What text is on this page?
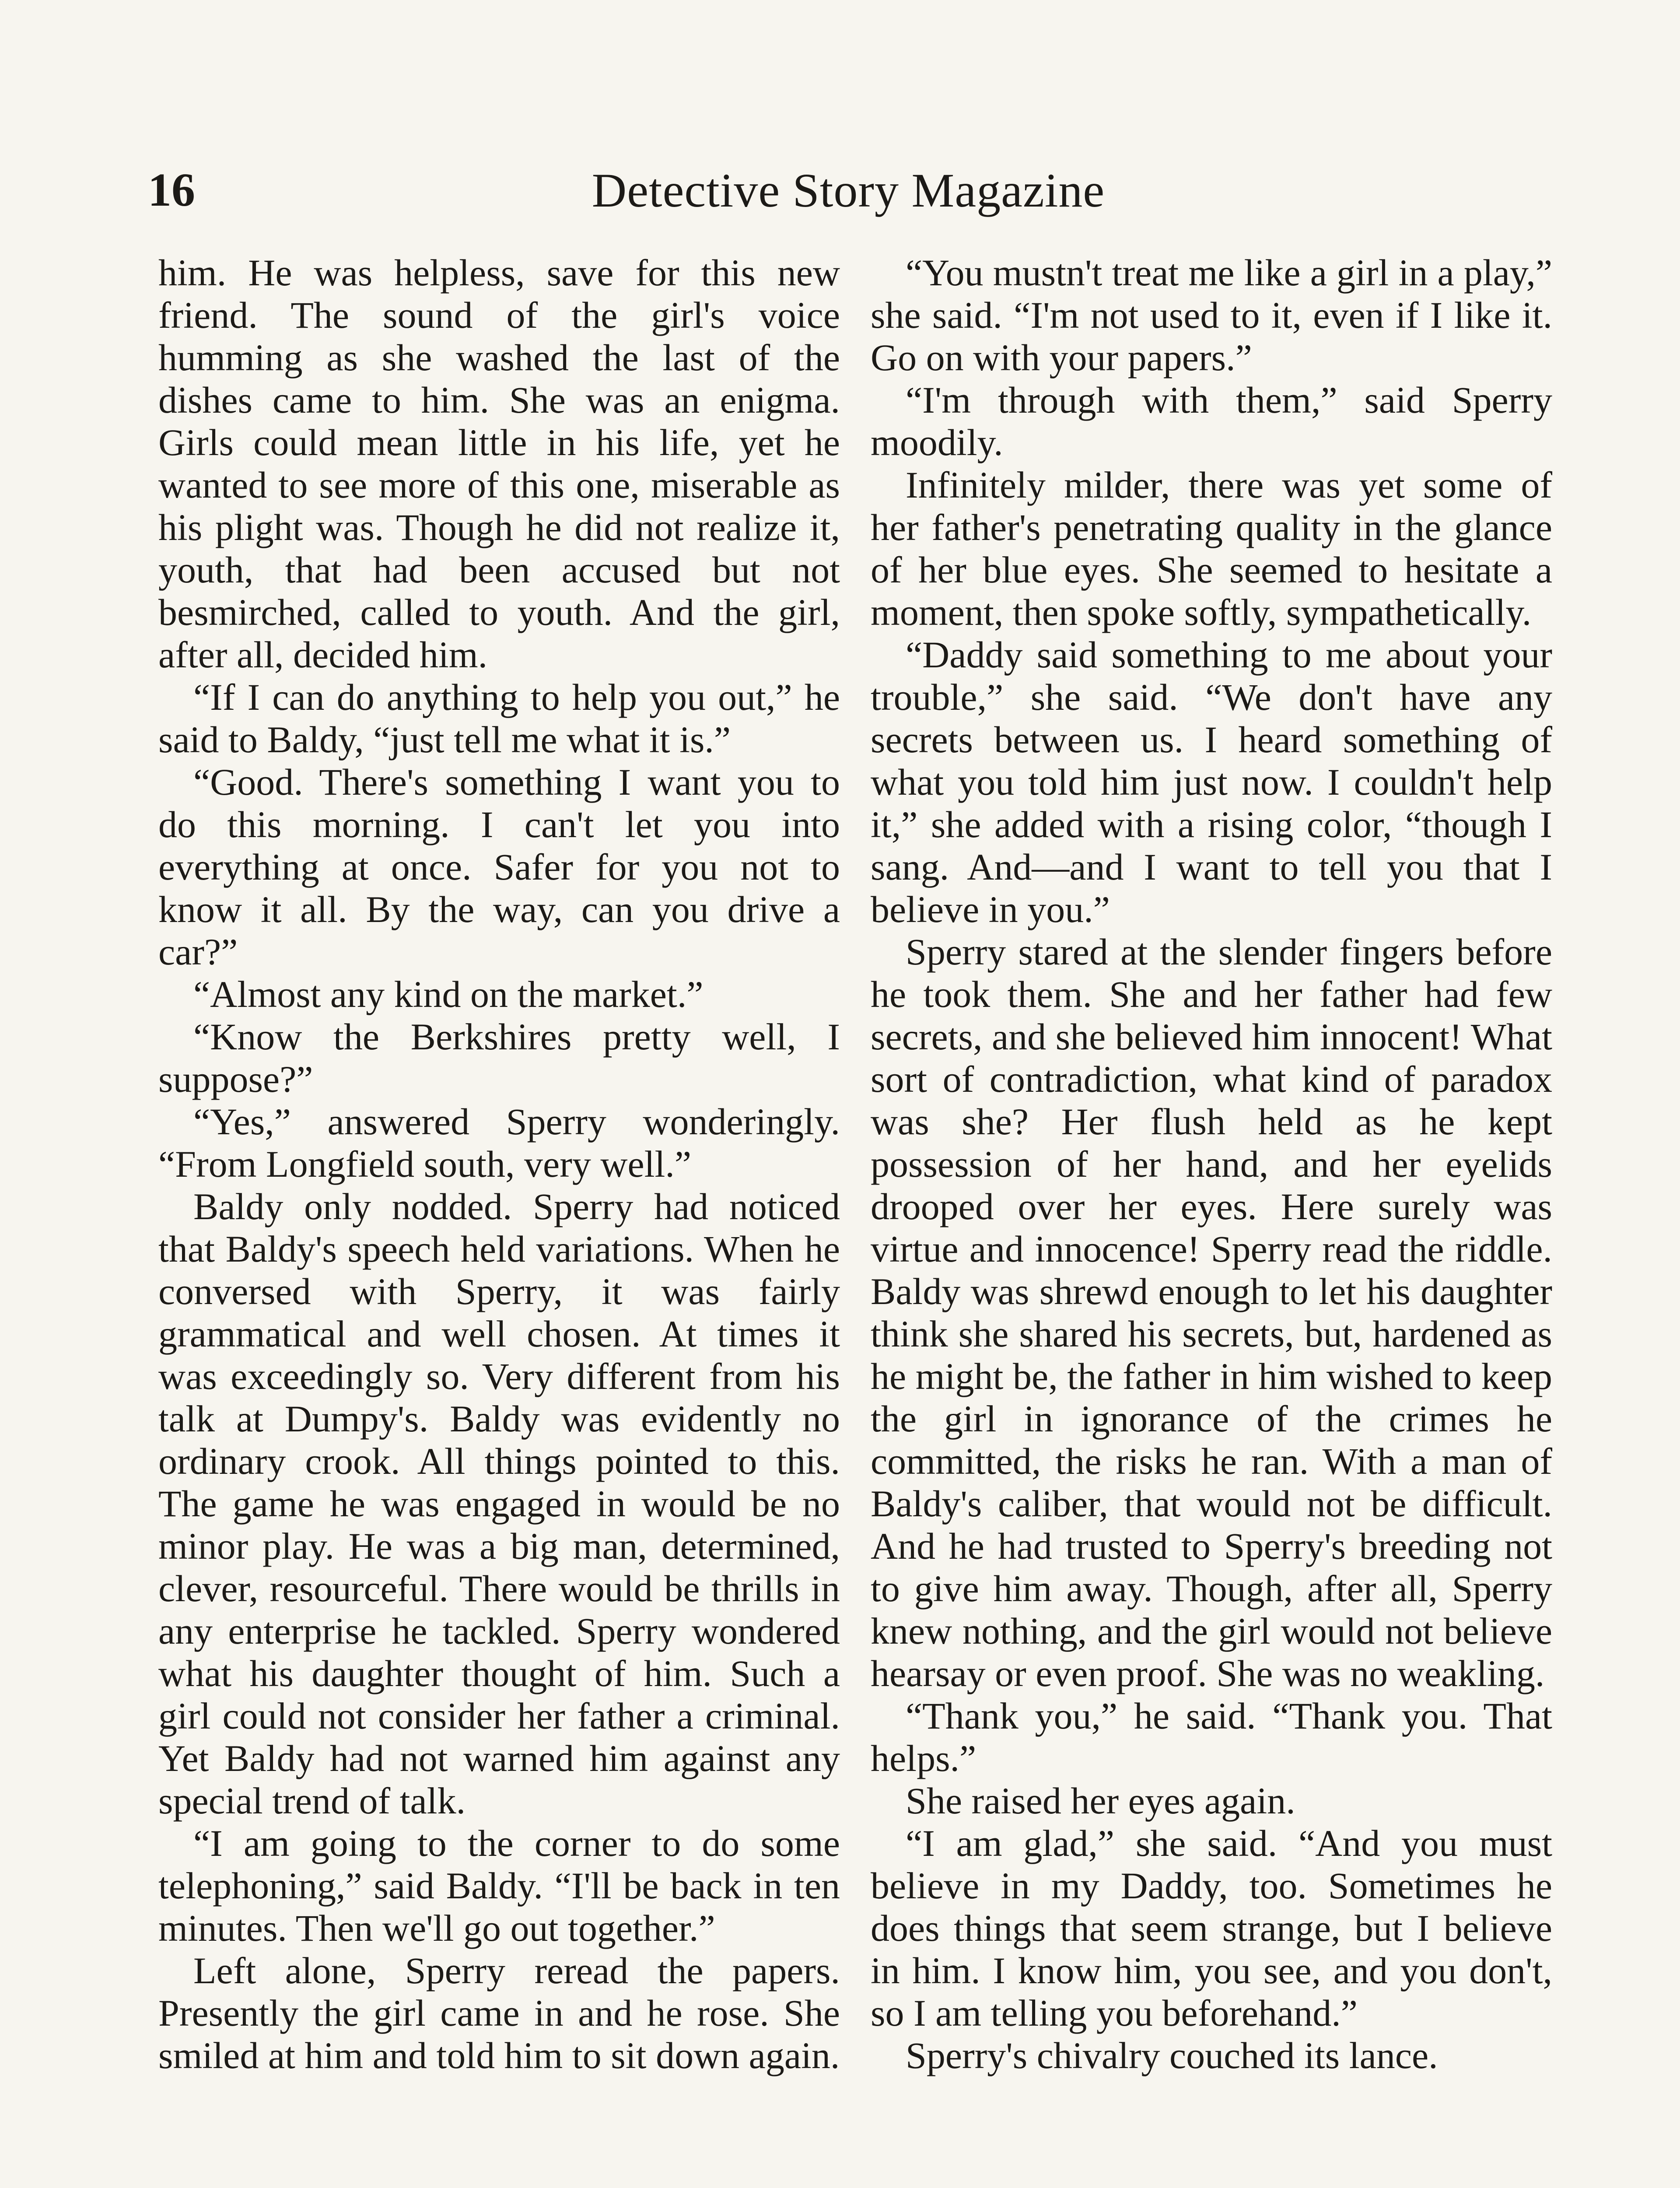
16	Detective Story Magazine

him. He was helpless, save for this new friend. The sound of the girl's voice humming as she washed the last of the dishes came to him. She was an enigma. Girls could mean little in his life, yet he wanted to see more of this one, miserable as his plight was. Though he did not realize it, youth, that had been accused but not besmirched, called to youth. And the girl, after all, decided him.

“If I can do anything to help you out,” he said to Baldy, “just tell me what it is.”

“Good. There's something I want you to do this morning. I can't let you into everything at once. Safer for you not to know it all. By the way, can you drive a car?”

“Almost any kind on the market.”

“Know the Berkshires pretty well, I suppose?”

“Yes,” answered Sperry wonderingly. “From Longfield south, very well.”

Baldy only nodded. Sperry had noticed that Baldy's speech held variations. When he conversed with Sperry, it was fairly grammatical and well chosen. At times it was exceedingly so. Very different from his talk at Dumpy's. Baldy was evidently no ordinary crook. All things pointed to this. The game he was engaged in would be no minor play. He was a big man, determined, clever, resourceful. There would be thrills in any enterprise he tackled. Sperry wondered what his daughter thought of him. Such a girl could not consider her father a criminal. Yet Baldy had not warned him against any special trend of talk.

“I am going to the corner to do some telephoning,” said Baldy. “I'll be back in ten minutes. Then we'll go out together.”

Left alone, Sperry reread the papers. Presently the girl came in and he rose. She smiled at him and told him to sit down again.

“You mustn't treat me like a girl in a play,” she said. “I'm not used to it, even if I like it. Go on with your papers.”

“I'm through with them,” said Sperry moodily.

Infinitely milder, there was yet some of her father's penetrating quality in the glance of her blue eyes. She seemed to hesitate a moment, then spoke softly, sympathetically.

“Daddy said something to me about your trouble,” she said. “We don't have any secrets between us. I heard something of what you told him just now. I couldn't help it,” she added with a rising color, “though I sang. And—and I want to tell you that I believe in you.”

Sperry stared at the slender fingers before he took them. She and her father had few secrets, and she believed him innocent! What sort of contradiction, what kind of paradox was she? Her flush held as he kept possession of her hand, and her eyelids drooped over her eyes. Here surely was virtue and innocence! Sperry read the riddle. Baldy was shrewd enough to let his daughter think she shared his secrets, but, hardened as he might be, the father in him wished to keep the girl in ignorance of the crimes he committed, the risks he ran. With a man of Baldy's caliber, that would not be difficult. And he had trusted to Sperry's breeding not to give him away. Though, after all, Sperry knew nothing, and the girl would not believe hearsay or even proof. She was no weakling.

“Thank you,” he said. “Thank you. That helps.”

She raised her eyes again.

“I am glad,” she said. “And you must believe in my Daddy, too. Sometimes he does things that seem strange, but I believe in him. I know him, you see, and you don't, so I am telling you beforehand.”

Sperry's chivalry couched its lance.
